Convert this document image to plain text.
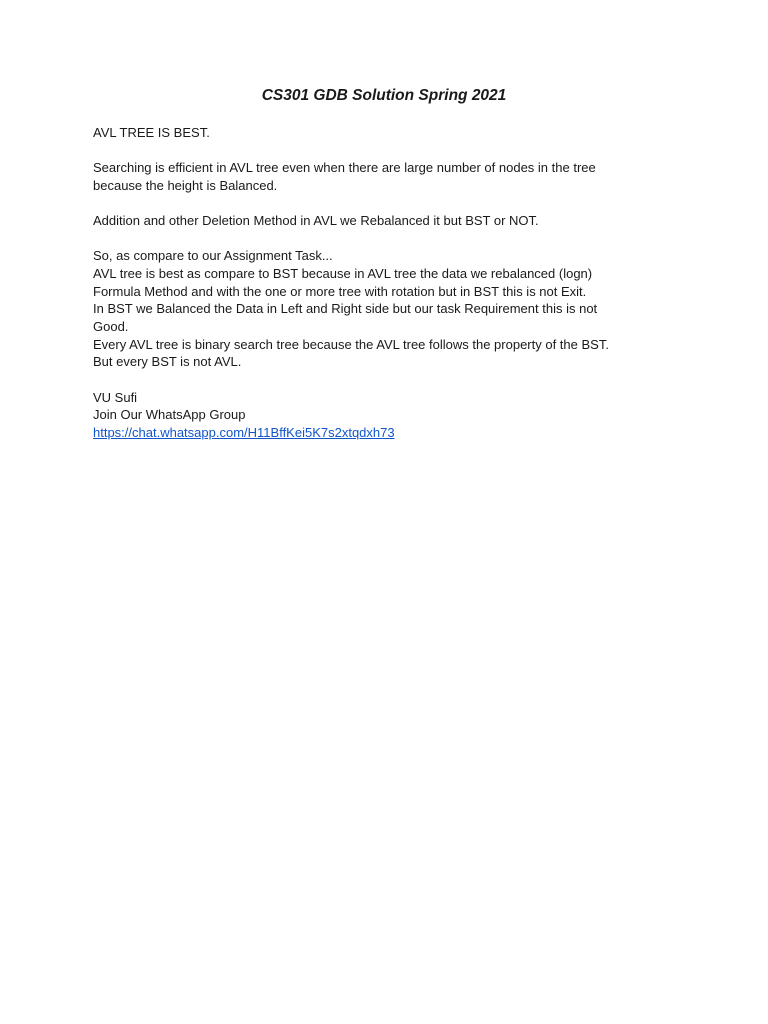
CS301 GDB Solution Spring 2021
AVL TREE IS BEST.
Searching is efficient in AVL tree even when there are large number of nodes in the tree
because the height is Balanced.
Addition and other Deletion Method in AVL we Rebalanced it but BST or NOT.
So, as compare to our Assignment Task...
AVL tree is best as compare to BST because in AVL tree the data we rebalanced (logn)
Formula Method and with the one or more tree with rotation but in BST this is not Exit.
In BST we Balanced the Data in Left and Right side but our task Requirement this is not
Good.
Every AVL tree is binary search tree because the AVL tree follows the property of the BST.
But every BST is not AVL.
VU Sufi
Join Our WhatsApp Group
https://chat.whatsapp.com/H11BffKei5K7s2xtqdxh73
